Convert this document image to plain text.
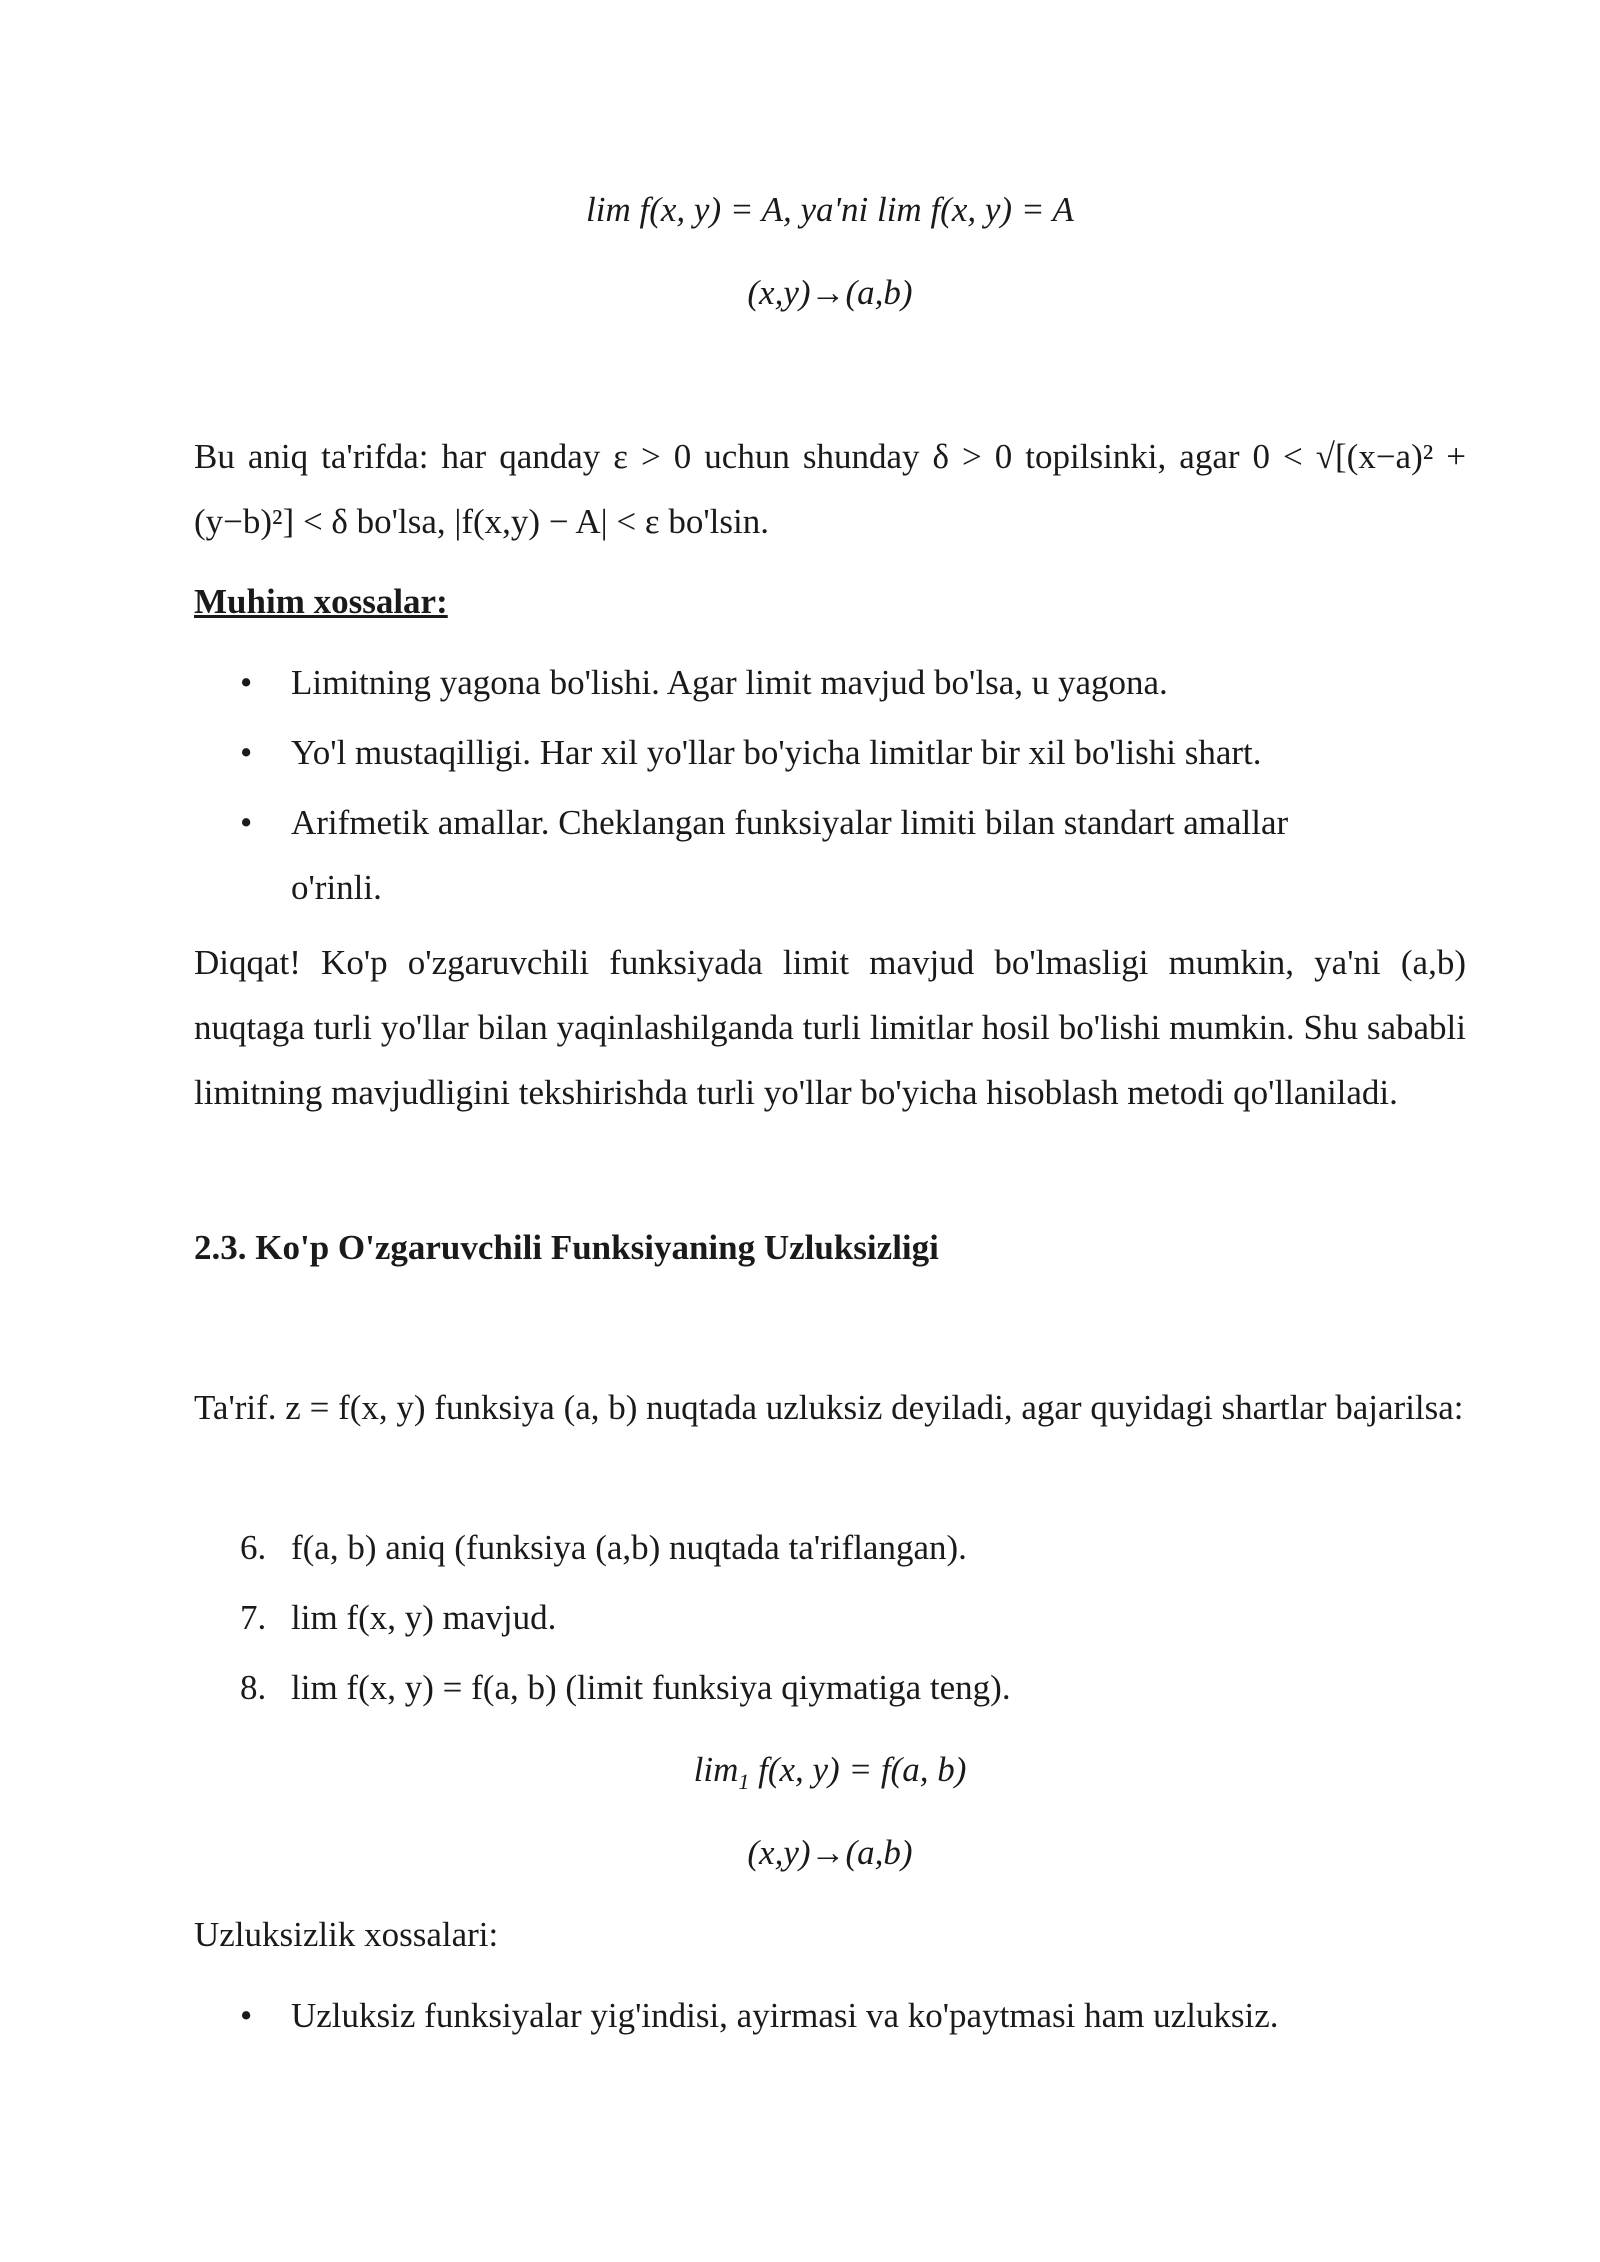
lim f(x, y) = A, ya'ni lim f(x, y) = A

(x,y)→(a,b)

Bu aniq ta'rifda: har qanday ε > 0 uchun shunday δ > 0 topilsinki, agar 0 < √[(x−a)² + (y−b)²] < δ bo'lsa, |f(x,y) − A| < ε bo'lsin.

Muhim xossalar:

• Limitning yagona bo'lishi. Agar limit mavjud bo'lsa, u yagona.
• Yo'l mustaqilligi. Har xil yo'llar bo'yicha limitlar bir xil bo'lishi shart.
• Arifmetik amallar. Cheklangan funksiyalar limiti bilan standart amallar o'rinli.

Diqqat! Ko'p o'zgaruvchili funksiyada limit mavjud bo'lmasligi mumkin, ya'ni (a,b) nuqtaga turli yo'llar bilan yaqinlashilganda turli limitlar hosil bo'lishi mumkin. Shu sababli limitning mavjudligini tekshirishda turli yo'llar bo'yicha hisoblash metodi qo'llaniladi.

2.3. Ko'p O'zgaruvchili Funksiyaning Uzluksizligi

Ta'rif. z = f(x, y) funksiya (a, b) nuqtada uzluksiz deyiladi, agar quyidagi shartlar bajarilsa:

6. f(a, b) aniq (funksiya (a,b) nuqtada ta'riflangan).
7. lim f(x, y) mavjud.
8. lim f(x, y) = f(a, b) (limit funksiya qiymatiga teng).

$\lim_1 f(x$, y) = f(a, b)

(x,y)→(a,b)

Uzluksizlik xossalari:

• Uzluksiz funksiyalar yig'indisi, ayirmasi va ko'paytmasi ham uzluksiz.
